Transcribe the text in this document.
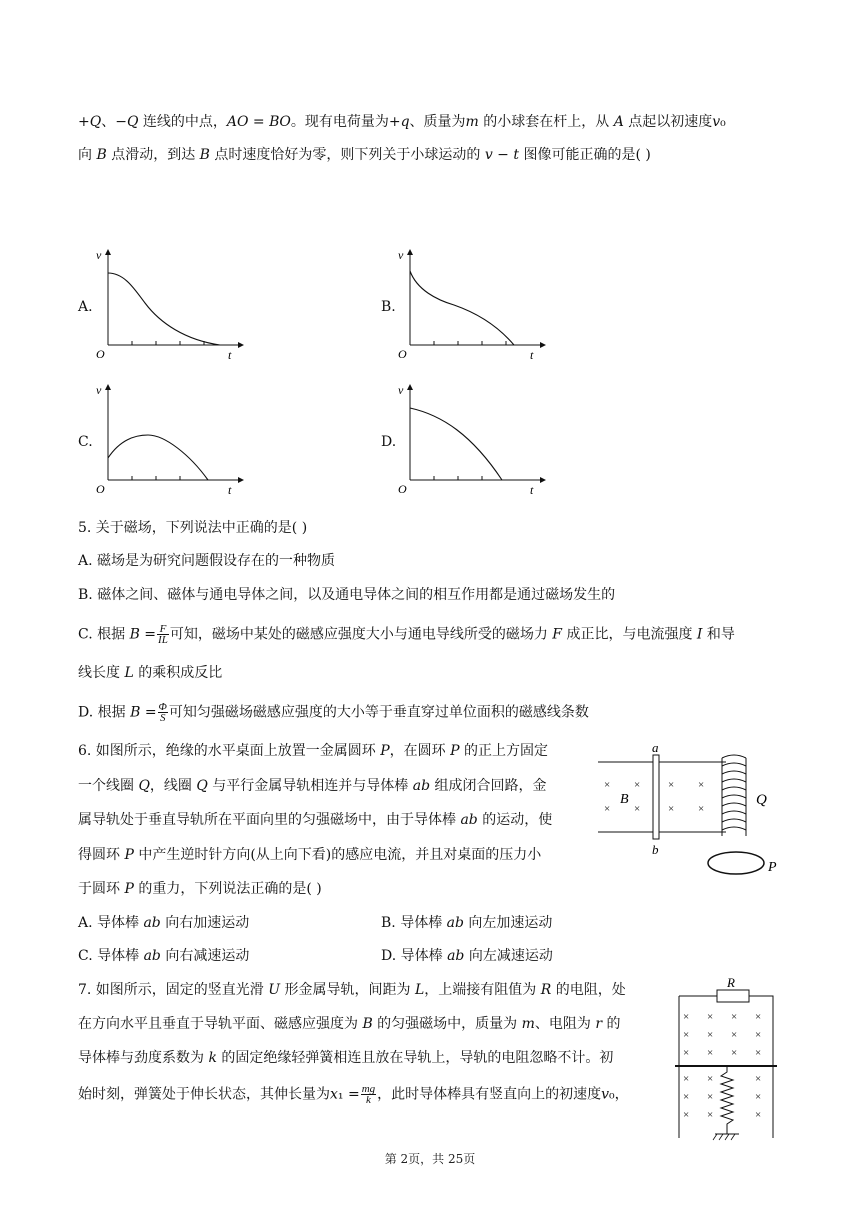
+𝑄、−𝑄 连线的中点，𝐴𝑂 = 𝐵𝑂。现有电荷量为+𝑞、质量为𝑚 的小球套在杆上，从 𝐴 点起以初速度𝑣₀
向 𝐵 点滑动，到达 𝐵 点时速度恰好为零，则下列关于小球运动的 𝑣 − 𝑡 图像可能正确的是( )
A.	B.
C.	D.
v
O	t
v
O	t
v
O	t
v
O	t
5. 关于磁场，下列说法中正确的是( )
A. 磁场是为研究问题假设存在的一种物质
B. 磁体之间、磁体与通电导体之间，以及通电导体之间的相互作用都是通过磁场发生的
C. 根据 𝐵 = $\frac{F}{IL}$ 可知，磁场中某处的磁感应强度大小与通电导线所受的磁场力 𝐹 成正比，与电流强度 𝐼 和导
线长度 𝐿 的乘积成反比
D. 根据 𝐵 = $\frac{\Phi}{S}$ 可知匀强磁场磁感应强度的大小等于垂直穿过单位面积的磁感线条数
6. 如图所示，绝缘的水平桌面上放置一金属圆环 𝑃，在圆环 𝑃 的正上方固定
一个线圈 𝑄，线圈 𝑄 与平行金属导轨相连并与导体棒 𝑎𝑏 组成闭合回路，金
属导轨处于垂直导轨所在平面向里的匀强磁场中，由于导体棒 𝑎𝑏 的运动，使
得圆环 𝑃 中产生逆时针方向(从上向下看)的感应电流，并且对桌面的压力小
于圆环 𝑃 的重力，下列说法正确的是( )
A. 导体棒 𝑎𝑏 向右加速运动	B. 导体棒 𝑎𝑏 向左加速运动
C. 导体棒 𝑎𝑏 向右减速运动	D. 导体棒 𝑎𝑏 向左减速运动
a
b
×
×
×
×
×
×
×
×
B	Q
P
7. 如图所示，固定的竖直光滑 𝑈 形金属导轨，间距为 𝐿，上端接有阻值为 𝑅 的电阻，处
在方向水平且垂直于导轨平面、磁感应强度为 𝐵 的匀强磁场中，质量为 𝑚、电阻为 𝑟 的
导体棒与劲度系数为 𝑘 的固定绝缘轻弹簧相连且放在导轨上，导轨的电阻忽略不计。初
始时刻，弹簧处于伸长状态，其伸长量为𝑥₁ = $\frac{mg}{k}$ ，此时导体棒具有竖直向上的初速度𝑣₀，
R
× × × ×
× × × ×
× × × ×
× ×	×
× ×	×
× ×	×
第 2页，共 25页
